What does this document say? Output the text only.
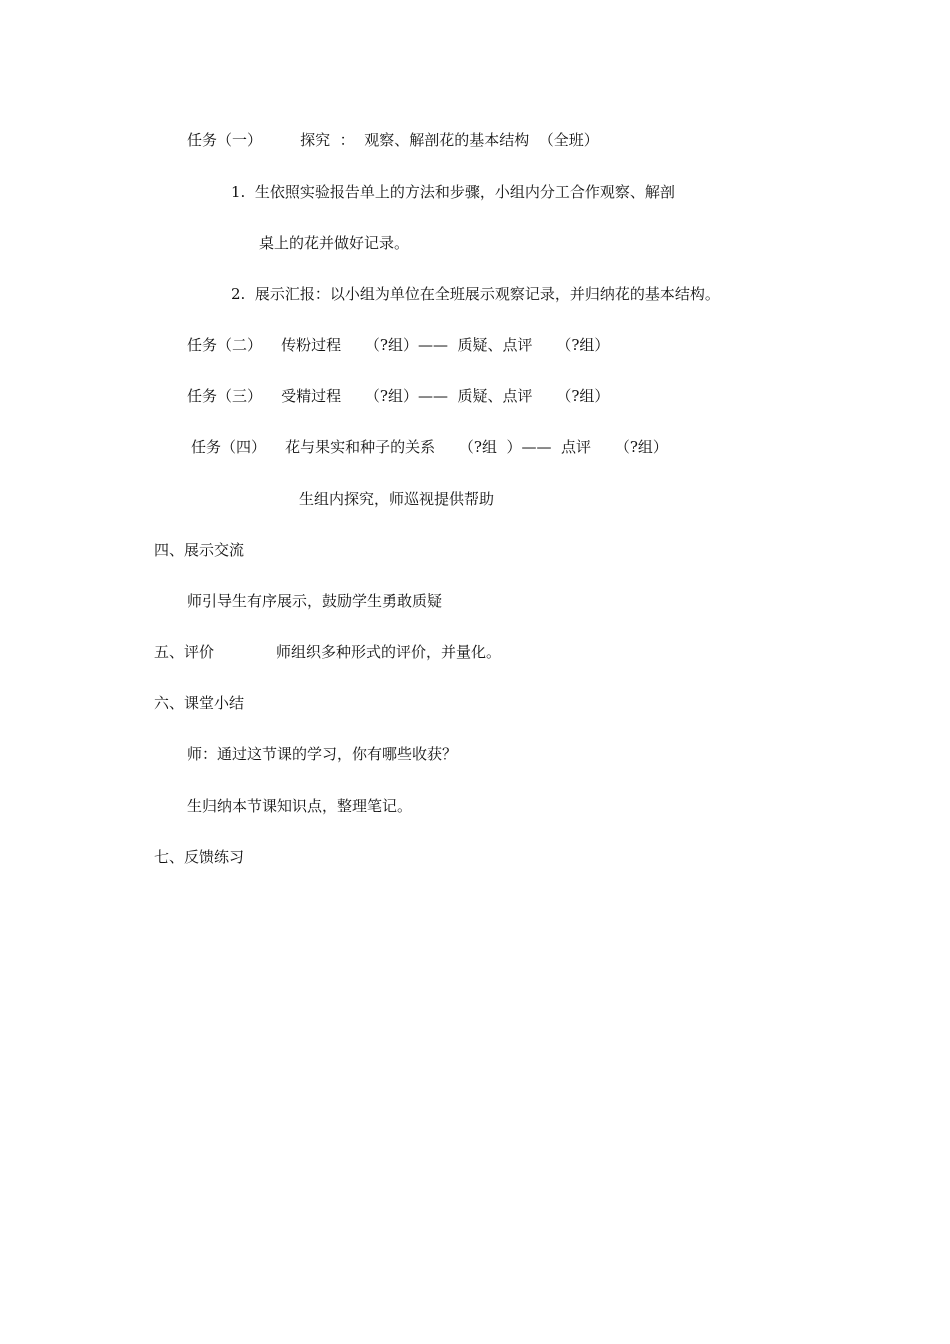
任务（一）        探究  ：  观察、解剖花的基本结构  （全班）
1.  生依照实验报告单上的方法和步骤，小组内分工合作观察、解剖
桌上的花并做好记录。
2.  展示汇报：以小组为单位在全班展示观察记录，并归纳花的基本结构。
任务（二）    传粉过程     （?组）——  质疑、点评     （?组）
任务（三）    受精过程     （?组）——  质疑、点评     （?组）
任务（四）    花与果实和种子的关系     （?组  ）——  点评     （?组）
生组内探究，师巡视提供帮助
四、展示交流
师引导生有序展示，鼓励学生勇敢质疑
五、评价             师组织多种形式的评价，并量化。
六、课堂小结
师：通过这节课的学习，你有哪些收获？
生归纳本节课知识点，整理笔记。
七、反馈练习
